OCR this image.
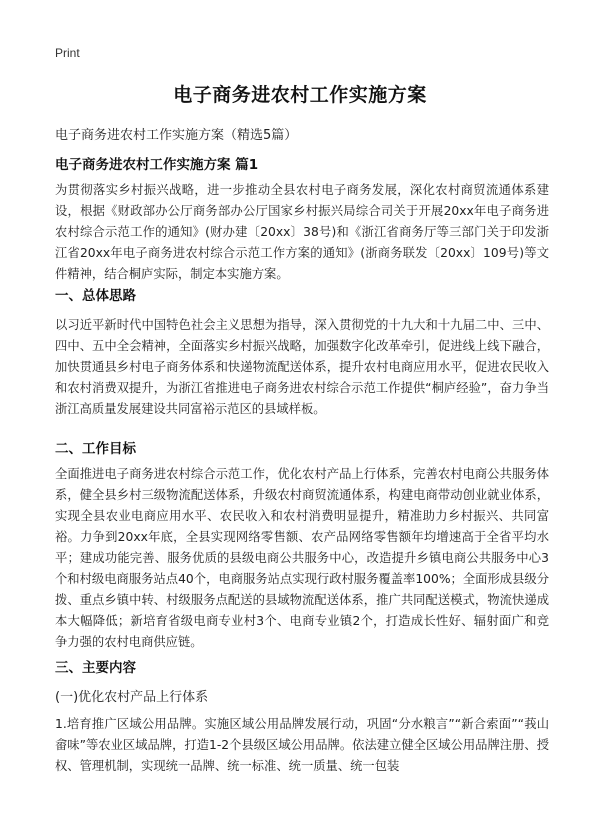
Print
电子商务进农村工作实施方案
电子商务进农村工作实施方案（精选5篇）
电子商务进农村工作实施方案 篇1
为贯彻落实乡村振兴战略，进一步推动全县农村电子商务发展，深化农村商贸流通体系建设，根据《财政部办公厅商务部办公厅国家乡村振兴局综合司关于开展20xx年电子商务进农村综合示范工作的通知》(财办建〔20xx〕38号)和《浙江省商务厅等三部门关于印发浙江省20xx年电子商务进农村综合示范工作方案的通知》(浙商务联发〔20xx〕109号)等文件精神，结合桐庐实际，制定本实施方案。
一、总体思路
以习近平新时代中国特色社会主义思想为指导，深入贯彻党的十九大和十九届二中、三中、四中、五中全会精神，全面落实乡村振兴战略，加强数字化改革牵引，促进线上线下融合，加快贯通县乡村电子商务体系和快递物流配送体系，提升农村电商应用水平，促进农民收入和农村消费双提升，为浙江省推进电子商务进农村综合示范工作提供“桐庐经验”，奋力争当浙江高质量发展建设共同富裕示范区的县域样板。
二、工作目标
全面推进电子商务进农村综合示范工作，优化农村产品上行体系，完善农村电商公共服务体系，健全县乡村三级物流配送体系，升级农村商贸流通体系，构建电商带动创业就业体系，实现全县农业电商应用水平、农民收入和农村消费明显提升，精准助力乡村振兴、共同富裕。力争到20xx年底，全县实现网络零售额、农产品网络零售额年均增速高于全省平均水平；建成功能完善、服务优质的县级电商公共服务中心，改造提升乡镇电商公共服务中心3个和村级电商服务站点40个，电商服务站点实现行政村服务覆盖率100%；全面形成县级分拨、重点乡镇中转、村级服务点配送的县域物流配送体系，推广共同配送模式，物流快递成本大幅降低；新培育省级电商专业村3个、电商专业镇2个，打造成长性好、辐射面广和竞争力强的农村电商供应链。
三、主要内容
(一)优化农村产品上行体系
1.培育推广区域公用品牌。实施区域公用品牌发展行动，巩固“分水粮言”“新合索面”“莪山畲味”等农业区域品牌，打造1-2个县级区域公用品牌。依法建立健全区域公用品牌注册、授权、管理机制，实现统一品牌、统一标准、统一质量、统一包装
